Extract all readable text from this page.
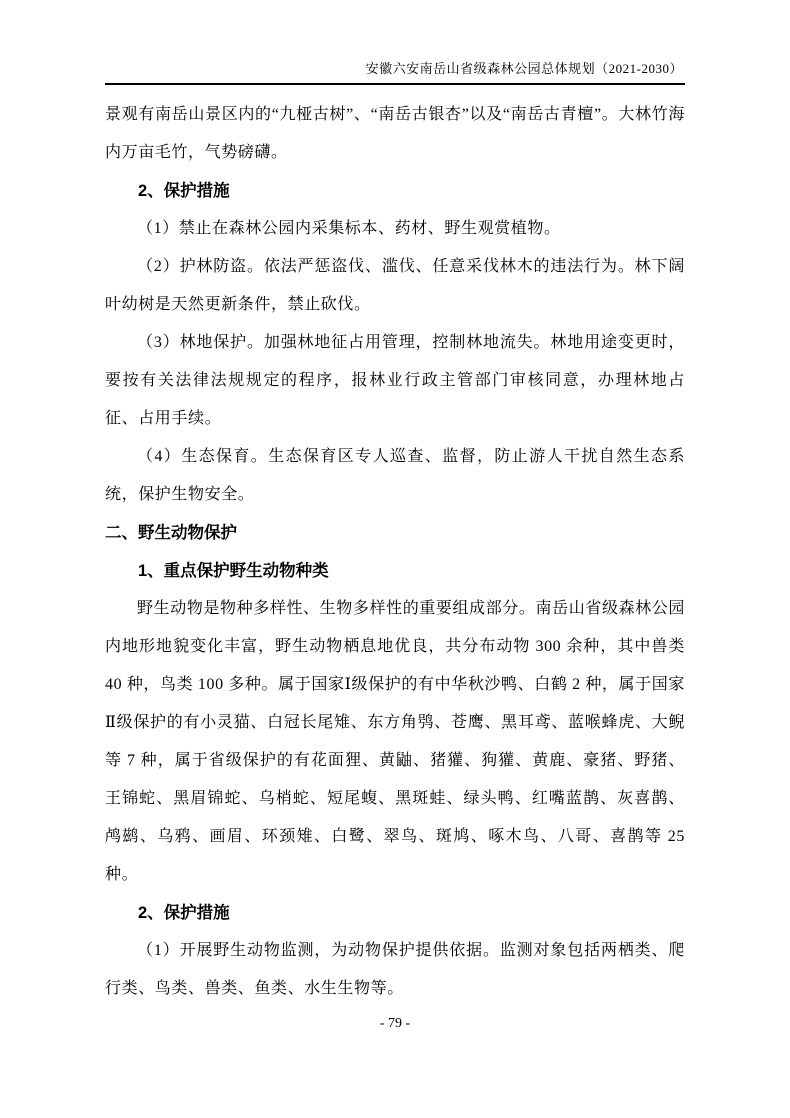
安徽六安南岳山省级森林公园总体规划（2021-2030）
景观有南岳山景区内的“九桠古树”、“南岳古银杏”以及“南岳古青檀”。大林竹海内万亩毛竹，气势磅礴。
2、保护措施
（1）禁止在森林公园内采集标本、药材、野生观赏植物。
（2）护林防盗。依法严惩盗伐、滥伐、任意采伐林木的违法行为。林下阔叶幼树是天然更新条件，禁止砍伐。
（3）林地保护。加强林地征占用管理，控制林地流失。林地用途变更时，要按有关法律法规规定的程序，报林业行政主管部门审核同意，办理林地占征、占用手续。
（4）生态保育。生态保育区专人巡查、监督，防止游人干扰自然生态系统，保护生物安全。
二、野生动物保护
1、重点保护野生动物种类
野生动物是物种多样性、生物多样性的重要组成部分。南岳山省级森林公园内地形地貌变化丰富，野生动物栖息地优良，共分布动物 300 余种，其中兽类 40 种，鸟类 100 多种。属于国家Ⅰ级保护的有中华秋沙鸭、白鹤 2 种，属于国家Ⅱ级保护的有小灵猫、白冠长尾雉、东方角鸮、苍鹰、黑耳鸢、蓝喉蜂虎、大鲵等 7 种，属于省级保护的有花面狸、黄鼬、猪獾、狗獾、黄鹿、豪猪、野猪、王锦蛇、黑眉锦蛇、乌梢蛇、短尾蝮、黑斑蛙、绿头鸭、红嘴蓝鹊、灰喜鹊、鸬鹚、乌鸦、画眉、环颈雉、白鹭、翠鸟、斑鸠、啄木鸟、八哥、喜鹊等 25 种。
2、保护措施
（1）开展野生动物监测，为动物保护提供依据。监测对象包括两栖类、爬行类、鸟类、兽类、鱼类、水生生物等。
- 79 -
